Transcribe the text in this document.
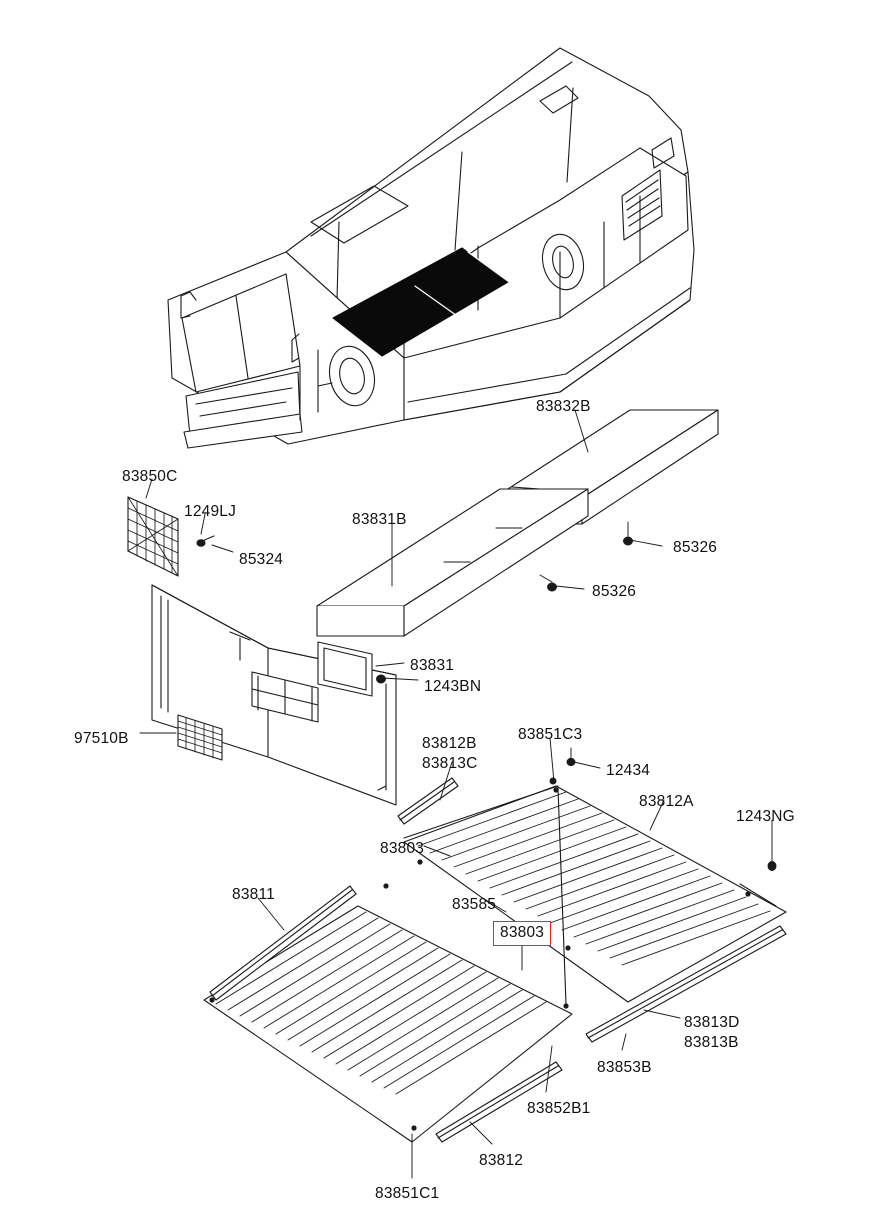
83832B
83850C
1249LJ	83831B
85324
85326
85326
83831
1243BN
97510B	83812B
83813C
83851C3
12434
83812A
1243NG
83803
83811
83585
83803
83813D
83813B
83853B
83852B1
83812
83851C1
